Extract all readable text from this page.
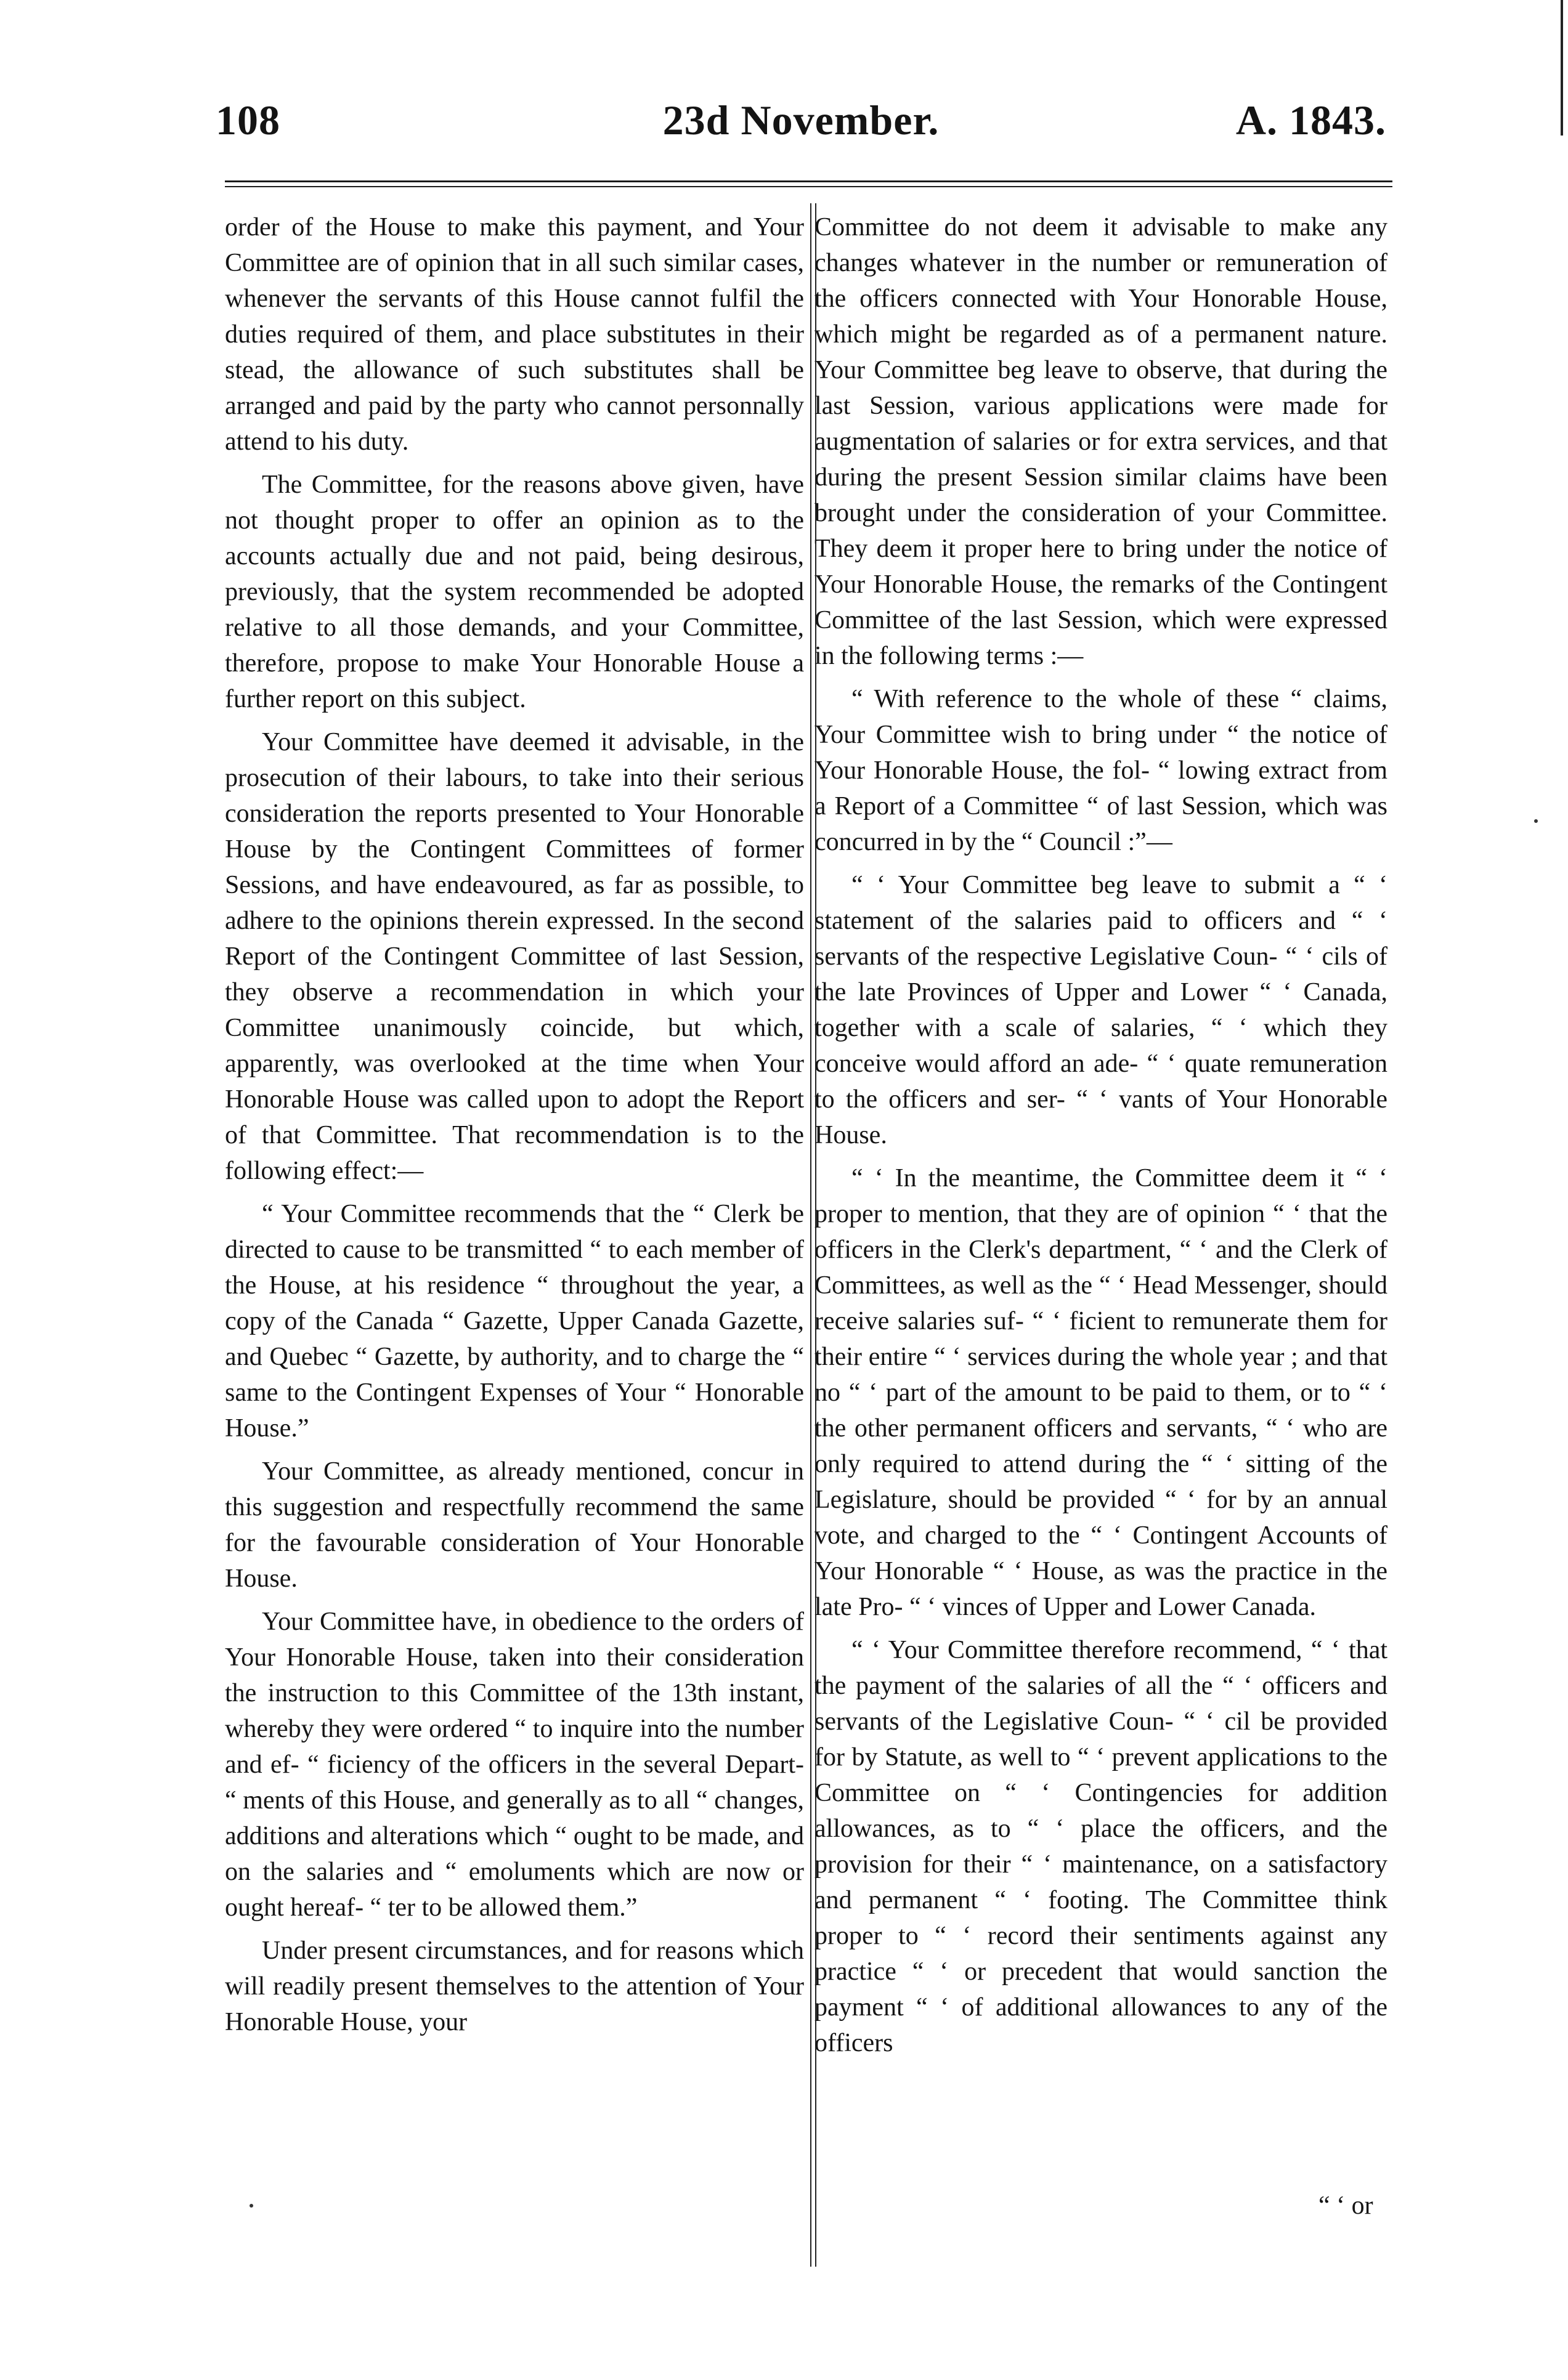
108	23d November.	A. 1843.

order of the House to make this payment, and Your Committee are of opinion that in all such similar cases, whenever the servants of this House cannot fulfil the duties required of them, and place substitutes in their stead, the allowance of such substitutes shall be arranged and paid by the party who cannot personnally attend to his duty.

The Committee, for the reasons above given, have not thought proper to offer an opinion as to the accounts actually due and not paid, being desirous, previously, that the system recommended be adopted relative to all those demands, and your Committee, therefore, propose to make Your Honorable House a further report on this subject.

Your Committee have deemed it advisable, in the prosecution of their labours, to take into their serious consideration the reports presented to Your Honorable House by the Contingent Committees of former Sessions, and have endeavoured, as far as possible, to adhere to the opinions therein expressed. In the second Report of the Contingent Committee of last Session, they observe a recommendation in which your Committee unanimously coincide, but which, apparently, was overlooked at the time when Your Honorable House was called upon to adopt the Report of that Committee. That recommendation is to the following effect:—

“ Your Committee recommends that the “ Clerk be directed to cause to be transmitted “ to each member of the House, at his residence “ throughout the year, a copy of the Canada “ Gazette, Upper Canada Gazette, and Quebec “ Gazette, by authority, and to charge the “ same to the Contingent Expenses of Your “ Honorable House.”

Your Committee, as already mentioned, concur in this suggestion and respectfully recommend the same for the favourable consideration of Your Honorable House.

Your Committee have, in obedience to the orders of Your Honorable House, taken into their consideration the instruction to this Committee of the 13th instant, whereby they were ordered “ to inquire into the number and ef- “ ficiency of the officers in the several Depart- “ ments of this House, and generally as to all “ changes, additions and alterations which “ ought to be made, and on the salaries and “ emoluments which are now or ought hereaf- “ ter to be allowed them.”

Under present circumstances, and for reasons which will readily present themselves to the attention of Your Honorable House, your

Committee do not deem it advisable to make any changes whatever in the number or remuneration of the officers connected with Your Honorable House, which might be regarded as of a permanent nature. Your Committee beg leave to observe, that during the last Session, various applications were made for augmentation of salaries or for extra services, and that during the present Session similar claims have been brought under the consideration of your Committee. They deem it proper here to bring under the notice of Your Honorable House, the remarks of the Contingent Committee of the last Session, which were expressed in the following terms :—

“ With reference to the whole of these “ claims, Your Committee wish to bring under “ the notice of Your Honorable House, the fol- “ lowing extract from a Report of a Committee “ of last Session, which was concurred in by the “ Council :”—

“ ‘ Your Committee beg leave to submit a “ ‘ statement of the salaries paid to officers and “ ‘ servants of the respective Legislative Coun- “ ‘ cils of the late Provinces of Upper and Lower “ ‘ Canada, together with a scale of salaries, “ ‘ which they conceive would afford an ade- “ ‘ quate remuneration to the officers and ser- “ ‘ vants of Your Honorable House.

“ ‘ In the meantime, the Committee deem it “ ‘ proper to mention, that they are of opinion “ ‘ that the officers in the Clerk's department, “ ‘ and the Clerk of Committees, as well as the “ ‘ Head Messenger, should receive salaries suf- “ ‘ ficient to remunerate them for their entire “ ‘ services during the whole year ; and that no “ ‘ part of the amount to be paid to them, or to “ ‘ the other permanent officers and servants, “ ‘ who are only required to attend during the “ ‘ sitting of the Legislature, should be provided “ ‘ for by an annual vote, and charged to the “ ‘ Contingent Accounts of Your Honorable “ ‘ House, as was the practice in the late Pro- “ ‘ vinces of Upper and Lower Canada.

“ ‘ Your Committee therefore recommend, “ ‘ that the payment of the salaries of all the “ ‘ officers and servants of the Legislative Coun- “ ‘ cil be provided for by Statute, as well to “ ‘ prevent applications to the Committee on “ ‘ Contingencies for addition allowances, as to “ ‘ place the officers, and the provision for their “ ‘ maintenance, on a satisfactory and permanent “ ‘ footing. The Committee think proper to “ ‘ record their sentiments against any practice “ ‘ or precedent that would sanction the payment “ ‘ of additional allowances to any of the officers

“ ‘ or
